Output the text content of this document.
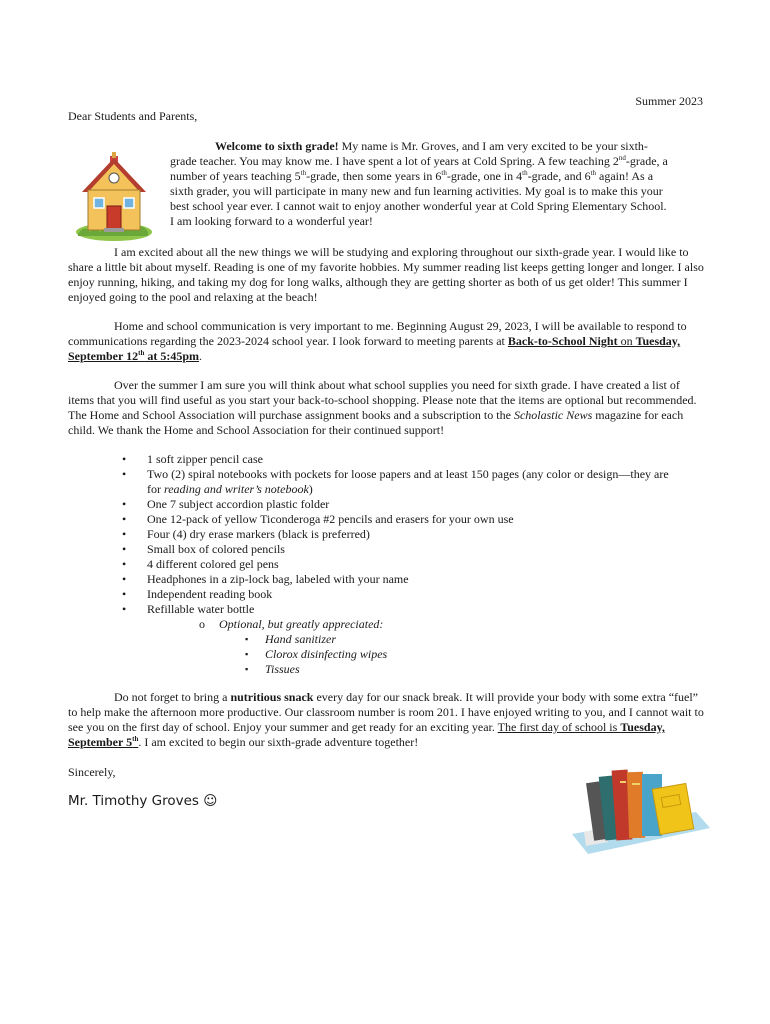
Summer 2023
Dear Students and Parents,

Welcome to sixth grade! My name is Mr. Groves, and I am very excited to be your sixth-grade teacher. You may know me. I have spent a lot of years at Cold Spring. A few teaching 2nd-grade, a number of years teaching 5th-grade, then some years in 6th-grade, one in 4th-grade, and 6th again! As a sixth grader, you will participate in many new and fun learning activities. My goal is to make this your best school year ever. I cannot wait to enjoy another wonderful year at Cold Spring Elementary School. I am looking forward to a wonderful year!

I am excited about all the new things we will be studying and exploring throughout our sixth-grade year. I would like to share a little bit about myself. Reading is one of my favorite hobbies. My summer reading list keeps getting longer and longer. I also enjoy running, hiking, and taking my dog for long walks, although they are getting shorter as both of us get older! This summer I enjoyed going to the pool and relaxing at the beach!

Home and school communication is very important to me. Beginning August 29, 2023, I will be available to respond to communications regarding the 2023-2024 school year. I look forward to meeting parents at Back-to-School Night on Tuesday, September 12th at 5:45pm.

Over the summer I am sure you will think about what school supplies you need for sixth grade. I have created a list of items that you will find useful as you start your back-to-school shopping. Please note that the items are optional but recommended. The Home and School Association will purchase assignment books and a subscription to the Scholastic News magazine for each child. We thank the Home and School Association for their continued support!

• 1 soft zipper pencil case
• Two (2) spiral notebooks with pockets for loose papers and at least 150 pages (any color or design—they are for reading and writer’s notebook)
• One 7 subject accordion plastic folder
• One 12-pack of yellow Ticonderoga #2 pencils and erasers for your own use
• Four (4) dry erase markers (black is preferred)
• Small box of colored pencils
• 4 different colored gel pens
• Headphones in a zip-lock bag, labeled with your name
• Independent reading book
• Refillable water bottle
o Optional, but greatly appreciated:
▪ Hand sanitizer
▪ Clorox disinfecting wipes
▪ Tissues

Do not forget to bring a nutritious snack every day for our snack break. It will provide your body with some extra “fuel” to help make the afternoon more productive. Our classroom number is room 201. I have enjoyed writing to you, and I cannot wait to see you on the first day of school. Enjoy your summer and get ready for an exciting year. The first day of school is Tuesday, September 5th. I am excited to begin our sixth-grade adventure together!

Sincerely,
Mr. Timothy Groves ☺
